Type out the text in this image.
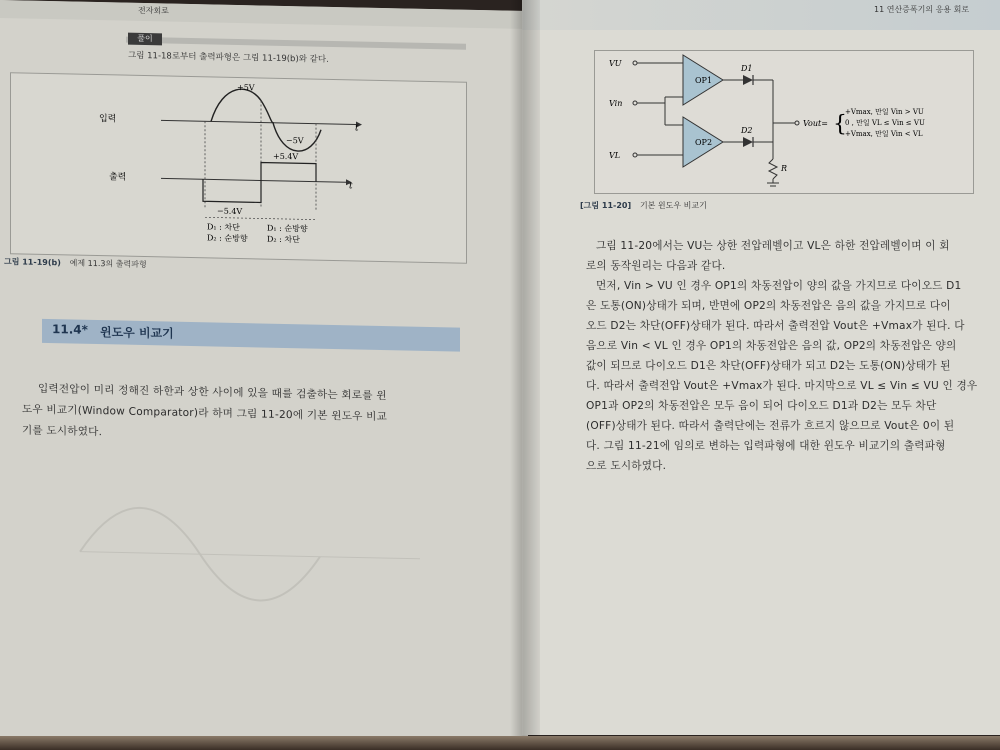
전자회로
풀이
그림 11-18로부터 출력파형은 그림 11-19(b)와 같다.
입력
출력
+5V
−5V
+5.4V
−5.4V
t
t
D₁ : 차단
D₂ : 순방향
D₁ : 순방향
D₂ : 차단
그림 11-19(b) 예제 11.3의 출력파형
11.4* 윈도우 비교기
입력전압이 미리 정해진 하한과 상한 사이에 있을 때를 검출하는 회로를 윈
도우 비교기(Window Comparator)라 하며 그림 11-20에 기본 윈도우 비교
기를 도시하였다.
11 연산증폭기의 응용 회로
OP1
OP2
VU
Vin
VL
D1
D2
R
Vout= {
+Vmax, 만일 Vin > VU
0 , 만일 VL ≤ Vin ≤ VU
+Vmax, 만일 Vin < VL
[그림 11-20] 기본 윈도우 비교기
그림 11-20에서는 VU는 상한 전압레벨이고 VL은 하한 전압레벨이며 이 회
로의 동작원리는 다음과 같다.
먼저, Vin > VU 인 경우 OP1의 차동전압이 양의 값을 가지므로 다이오드 D1
은 도통(ON)상태가 되며, 반면에 OP2의 차동전압은 음의 값을 가지므로 다이
오드 D2는 차단(OFF)상태가 된다. 따라서 출력전압 Vout은 +Vmax가 된다. 다
음으로 Vin < VL 인 경우 OP1의 차동전압은 음의 값, OP2의 차동전압은 양의
값이 되므로 다이오드 D1은 차단(OFF)상태가 되고 D2는 도통(ON)상태가 된
다. 따라서 출력전압 Vout은 +Vmax가 된다. 마지막으로 VL ≤ Vin ≤ VU 인 경우
OP1과 OP2의 차동전압은 모두 음이 되어 다이오드 D1과 D2는 모두 차단
(OFF)상태가 된다. 따라서 출력단에는 전류가 흐르지 않으므로 Vout은 0이 된
다. 그림 11-21에 임의로 변하는 입력파형에 대한 윈도우 비교기의 출력파형
으로 도시하였다.
